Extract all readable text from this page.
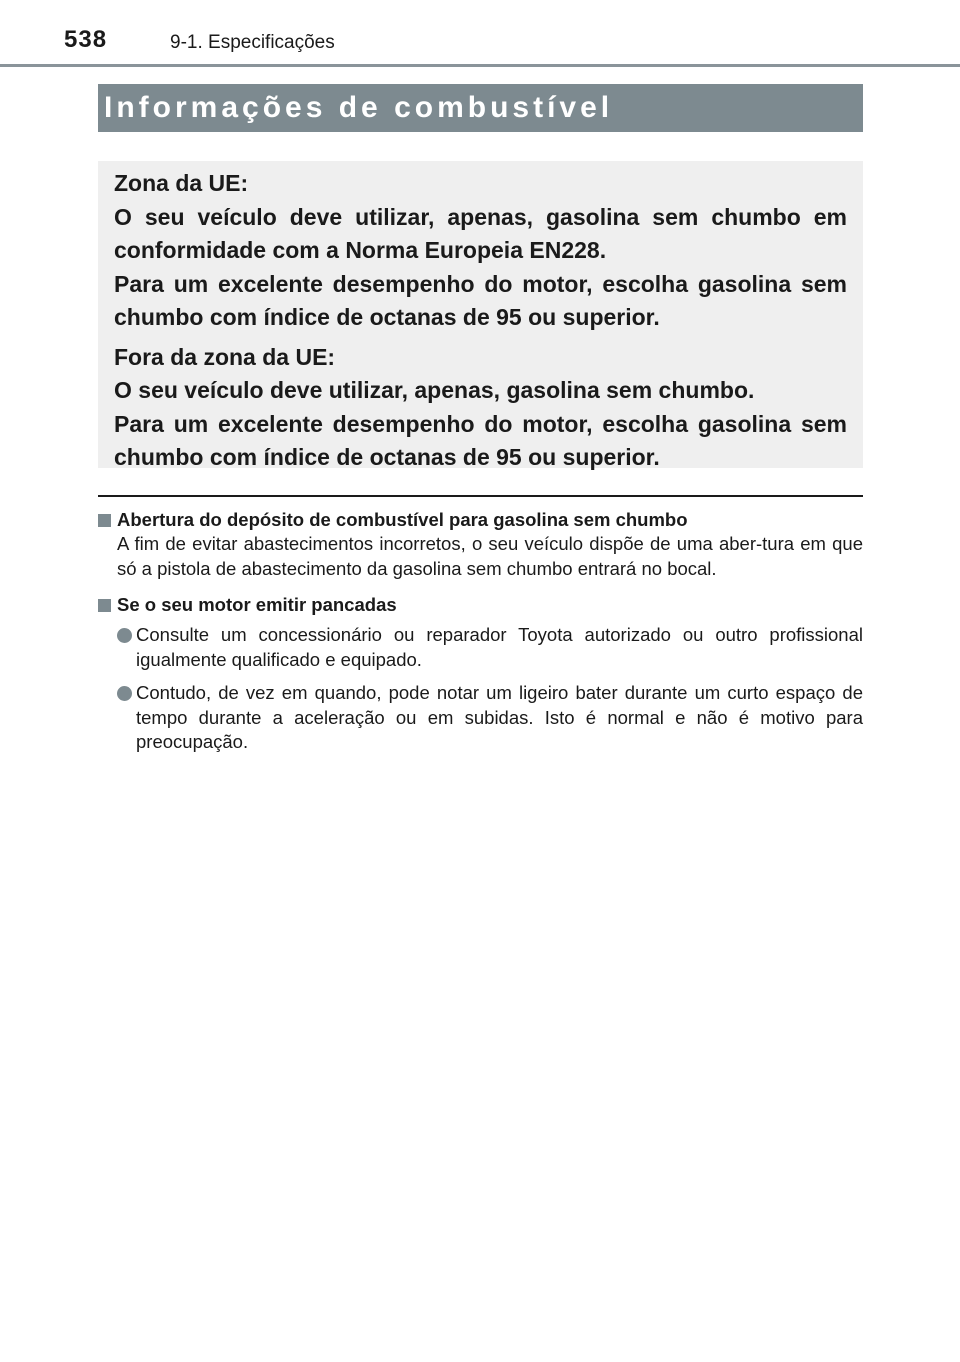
538	9-1. Especificações
Informações de combustível

Zona da UE:
O seu veículo deve utilizar, apenas, gasolina sem chumbo em conformidade com a Norma Europeia EN228.
Para um excelente desempenho do motor, escolha gasolina sem chumbo com índice de octanas de 95 ou superior.

Fora da zona da UE:
O seu veículo deve utilizar, apenas, gasolina sem chumbo.
Para um excelente desempenho do motor, escolha gasolina sem chumbo com índice de octanas de 95 ou superior.

Abertura do depósito de combustível para gasolina sem chumbo
A fim de evitar abastecimentos incorretos, o seu veículo dispõe de uma aber-tura em que só a pistola de abastecimento da gasolina sem chumbo entrará no bocal.
Se o seu motor emitir pancadas
Consulte um concessionário ou reparador Toyota autorizado ou outro profissional igualmente qualificado e equipado.
Contudo, de vez em quando, pode notar um ligeiro bater durante um curto espaço de tempo durante a aceleração ou em subidas. Isto é normal e não é motivo para preocupação.
